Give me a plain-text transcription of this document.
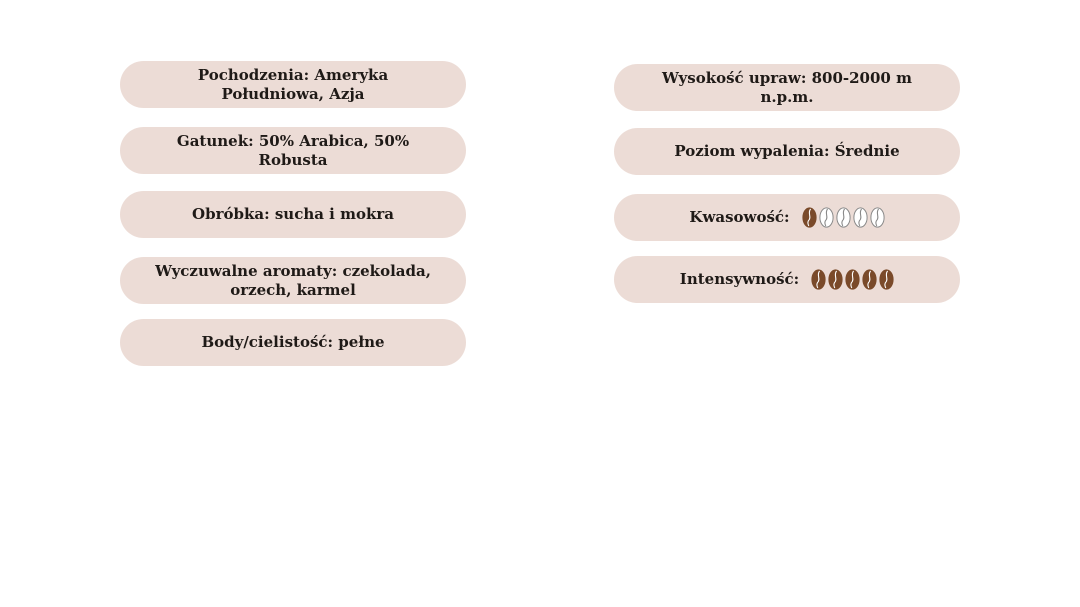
Pochodzenia: Ameryka Południowa, Azja
Gatunek: 50% Arabica, 50% Robusta
Obróbka: sucha i mokra
Wyczuwalne aromaty: czekolada, orzech, karmel
Body/cielistość: pełne
Wysokość upraw: 800-2000 m n.p.m.
Poziom wypalenia: Średnie
Kwasowość:
Intensywność:
